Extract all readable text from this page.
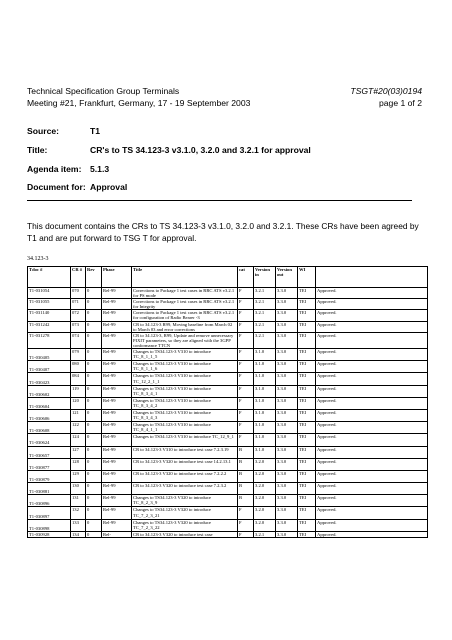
Technical Specification Group Terminals	TSGT#20(03)0194
Meeting #21, Frankfurt, Germany, 17 - 19 September 2003	page 1 of 2
Source:	T1
Title:	CR's to TS 34.123-3 v3.1.0, 3.2.0 and 3.2.1 for approval
Agenda item: 5.1.3
Document for: Approval
This document contains the CRs to TS 34.123-3 v3.1.0, 3.2.0 and 3.2.1. These CRs have been agreed by T1 and are put forward to TSG T for approval.
34.123-3
Tdoc #	CR #	Rev	Phase	Title	cat	Version in	Version out	WI	
T1-031054	070	0	Rel-99	Corrections to Package 1 test cases in RRC ATS v3.2.1 for PS mode	F	3.2.1	3.3.0	TEI	Approved.
T1-031055	071	0	Rel-99	Corrections to Package 1 test cases in RRC ATS v3.2.1 for Integrity	F	3.2.1	3.3.0	TEI	Approved.
T1-031140	072	0	Rel-99	Corrections to Package 1 test cases in RRC ATS v3.2.1 for configuration of Radio Bearer -3	F	3.2.1	3.3.0	TEI	Approved.
T1-031242	073	0	Rel-99	CR to 34.123-3 R99, Moving baseline from March 02 to March 03 and error corrections	F	3.2.1	3.3.0	TEI	Approved.
T1-031278	074	0	Rel-99	CR to 34.123-3, R99, Update and remove unnecessary PIXIT parameters, so they are aligned with the 3GPP conformance TTCN	F	3.2.1	3.3.0	TEI	Approved.
T1-030405	079	0	Rel-99	Changes to TS34.123-3 V310 to introduce TC_8_1_1_5	F	3.1.0	3.3.0	TEI	Approved.
T1-030407	080	0	Rel-99	Changes to TS34.123-3 V310 to introduce TC_8_1_1_6	F	3.1.0	3.3.0	TEI	Approved.
T1-030423	084	0	Rel-99	Changes to TS34.123-3 V310 to introduce TC_12_2_1_1	F	3.1.0	3.3.0	TEI	Approved.
T1-030602	119	0	Rel-99	Changes to TS34.123-3 V310 to introduce TC_8_3_4_1	F	3.1.0	3.3.0	TEI	Approved.
T1-030604	120	0	Rel-99	Changes to TS34.123-3 V310 to introduce TC_8_3_4_2	F	3.1.0	3.3.0	TEI	Approved.
T1-030606	121	0	Rel-99	Changes to TS34.123-3 V310 to introduce TC_8_3_4_3	F	3.1.0	3.3.0	TEI	Approved.
T1-030608	122	0	Rel-99	Changes to TS34.123-3 V310 to introduce TC_8_4_1_1	F	3.1.0	3.3.0	TEI	Approved.
T1-030624	124	0	Rel-99	Changes to TS34.123-3 V310 to introduce TC_12_9_1	F	3.1.0	3.3.0	TEI	Approved.
T1-030657	127	0	Rel-99	CR to 34.123-3 V310 to introduce test case 7.2.3.19	B	3.1.0	3.3.0	TEI	Approved.
T1-030877	128	0	Rel-99	CR to 34.123-3 V320 to introduce test case 14.2.13.1	B	3.2.0	3.3.0	TEI	Approved.
T1-030879	129	0	Rel-99	CR to 34.123-3 V320 to introduce test case 7.2.2.2	B	3.2.0	3.3.0	TEI	Approved.
T1-030881	130	0	Rel-99	CR to 34.123-3 V320 to introduce test case 7.2.3.2	B	3.2.0	3.3.0	TEI	Approved.
T1-030896	131	0	Rel-99	Changes to TS34.123-3 V320 to introduce TC_8_2_3_9	B	3.2.0	3.3.0	TEI	Approved.
T1-030897	132	0	Rel-99	Changes to TS34.123-3 V320 to introduce TC_7_2_3_21	F	3.2.0	3.3.0	TEI	Approved.
T1-030898	133	0	Rel-99	Changes to TS34.123-3 V320 to introduce TC_7_2_3_22	F	3.2.0	3.3.0	TEI	Approved.
T1-030928	134	0	Rel-	CR to 34.123-3 V320 to introduce test case	F	3.2.1	3.3.0	TEI	Approved.
